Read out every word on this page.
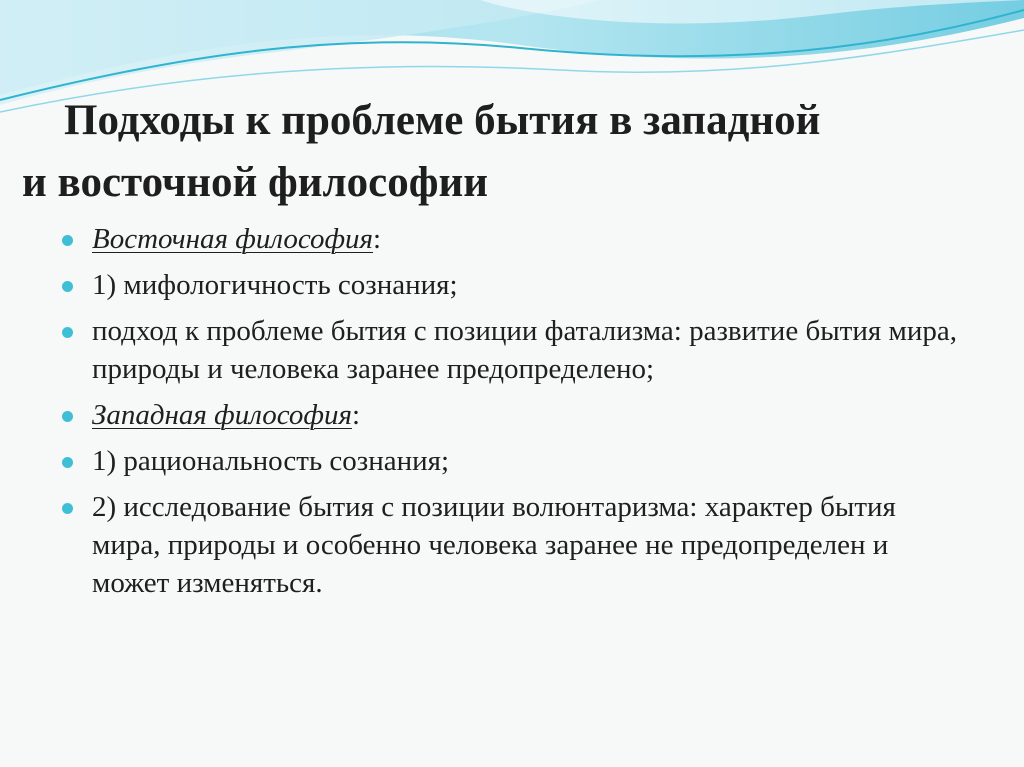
Подходы к проблеме бытия в западной
и восточной философии
Восточная философия:
1) мифологичность сознания;
подход к проблеме бытия с позиции фатализма: развитие бытия мира, природы и человека заранее предопределено;
Западная философия:
1) рациональность сознания;
2) исследование бытия с позиции волюнтаризма: характер бытия мира, природы и особенно человека заранее не предопределен и может изменяться.
